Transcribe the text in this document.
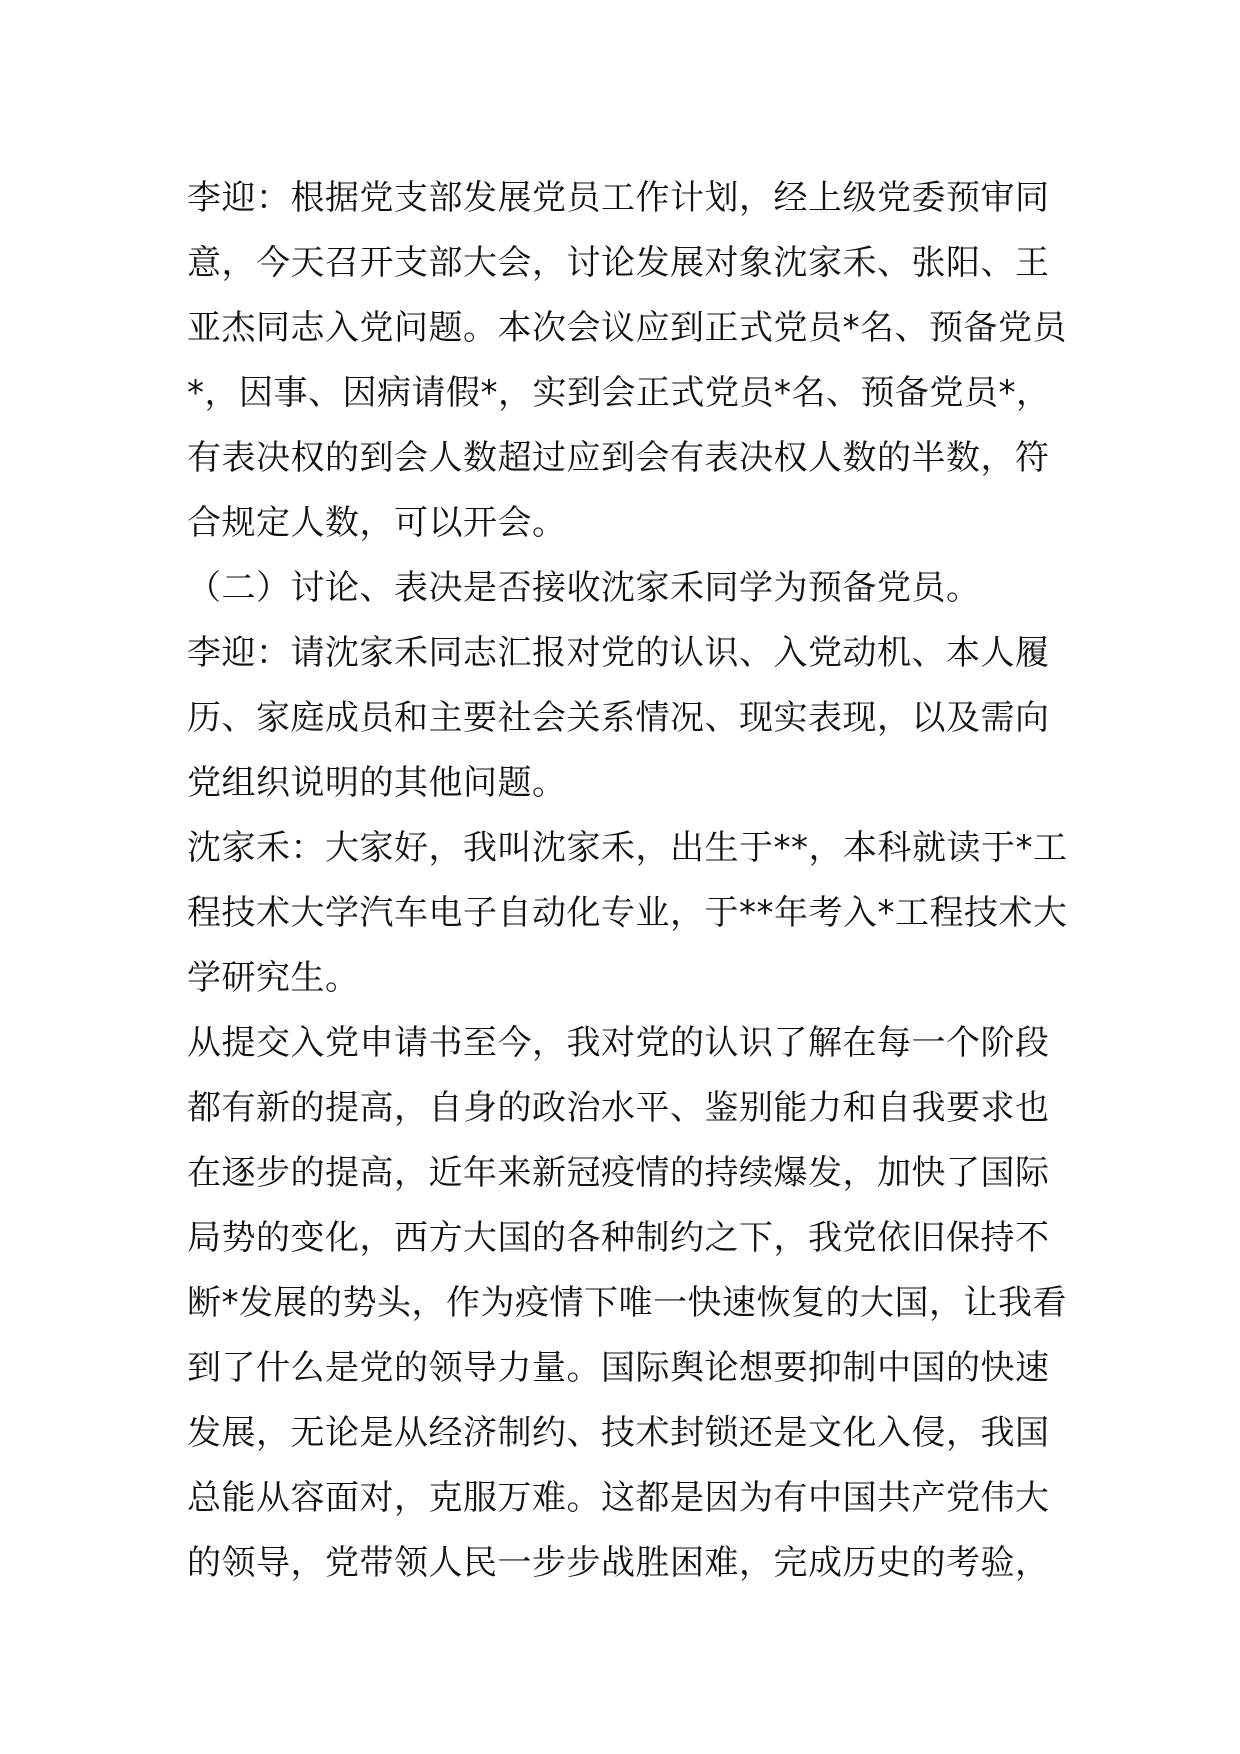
李迎：根据党支部发展党员工作计划，经上级党委预审同
意，今天召开支部大会，讨论发展对象沈家禾、张阳、王
亚杰同志入党问题。本次会议应到正式党员*名、预备党员
*，因事、因病请假*，实到会正式党员*名、预备党员*，
有表决权的到会人数超过应到会有表决权人数的半数，符
合规定人数，可以开会。
（二）讨论、表决是否接收沈家禾同学为预备党员。
李迎：请沈家禾同志汇报对党的认识、入党动机、本人履
历、家庭成员和主要社会关系情况、现实表现，以及需向
党组织说明的其他问题。
沈家禾：大家好，我叫沈家禾，出生于**，本科就读于*工
程技术大学汽车电子自动化专业，于**年考入*工程技术大
学研究生。
从提交入党申请书至今，我对党的认识了解在每一个阶段
都有新的提高，自身的政治水平、鉴别能力和自我要求也
在逐步的提高，近年来新冠疫情的持续爆发，加快了国际
局势的变化，西方大国的各种制约之下，我党依旧保持不
断*发展的势头，作为疫情下唯一快速恢复的大国，让我看
到了什么是党的领导力量。国际舆论想要抑制中国的快速
发展，无论是从经济制约、技术封锁还是文化入侵，我国
总能从容面对，克服万难。这都是因为有中国共产党伟大
的领导，党带领人民一步步战胜困难，完成历史的考验，
